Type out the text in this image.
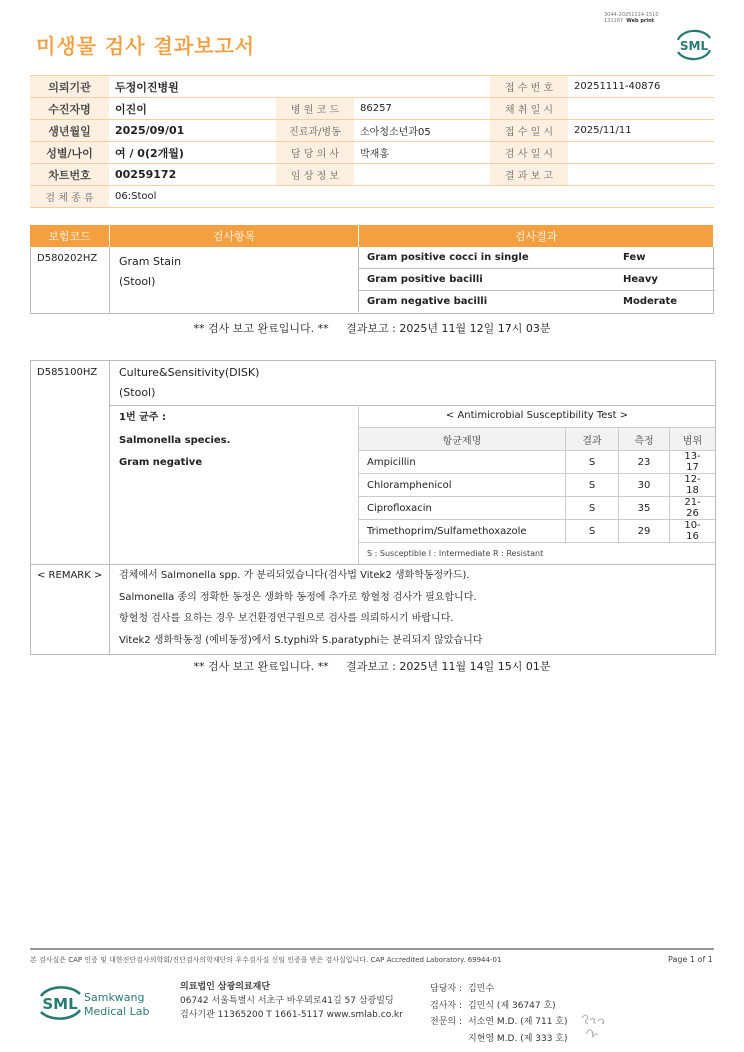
미생물 검사 결과보고서
3044-20251114-1510
131187 Web print
SML
의뢰기관	두정이진병원			접 수 번 호	20251111-40876
수진자명	이진이	병 원 코 드	86257	채 취 일 시	
생년월일	2025/09/01	진료과/병동	소아청소년과05	접 수 일 시	2025/11/11
성별/나이	여 / 0(2개월)	담 당 의 사	박재홍	검 사 일 시	
차트번호	00259172	임 상 정 보		결 과 보 고	
검 체 종 류	06:Stool				
보험코드	검사항목	검사결과
D580202HZ Gram Stain
(Stool)
Gram positive cocci in single	Few
Gram positive bacilli	Heavy
Gram negative bacilli	Moderate
** 검사 보고 완료입니다. **     결과보고 : 2025년 11월 12일 17시 03분
D585100HZ Culture&Sensitivity(DISK)
(Stool)
1번 균주 :
Salmonella species.
Gram negative
< Antimicrobial Susceptibility Test >
항균제명	결과	측정	범위
Ampicillin	S	23	13-17
Chloramphenicol	S	30	12-18
Ciprofloxacin	S	35	21-26
Trimethoprim/Sulfamethoxazole	S	29	10-16
S : Susceptible I : Intermediate R : Resistant
< REMARK > 검체에서 Salmonella spp. 가 분리되었습니다(검사법 Vitek2 생화학동정카드).

Salmonella 종의 정확한 동정은 생화학 동정에 추가로 항혈청 검사가 필요합니다.

항혈청 검사를 요하는 경우 보건환경연구원으로 검사를 의뢰하시기 바랍니다.

Vitek2 생화학동정 (예비동정)에서 S.typhi와 S.paratyphi는 분리되지 않았습니다

** 검사 보고 완료입니다. **     결과보고 : 2025년 11월 14일 15시 01분
본 검사실은 CAP 인증 및 대한진단검사의학회/진단검사의학재단의 우수검사실 신임 인증을 받은 검사실입니다. CAP Accredited Laboratory. 69944-01	Page 1 of 1
SML Samkwang
Medical Lab
의료법인 삼광의료재단
06742 서울특별시 서초구 바우뫼로41길 57 삼광빌딩
검사기관 11365200 T 1661-5117 www.smlab.co.kr
담당자 :	김민수
검사자 :	김민식 (제 36747 호)
전문의 :	서소연 M.D. (제 711 호)
	지현영 M.D. (제 333 호)
